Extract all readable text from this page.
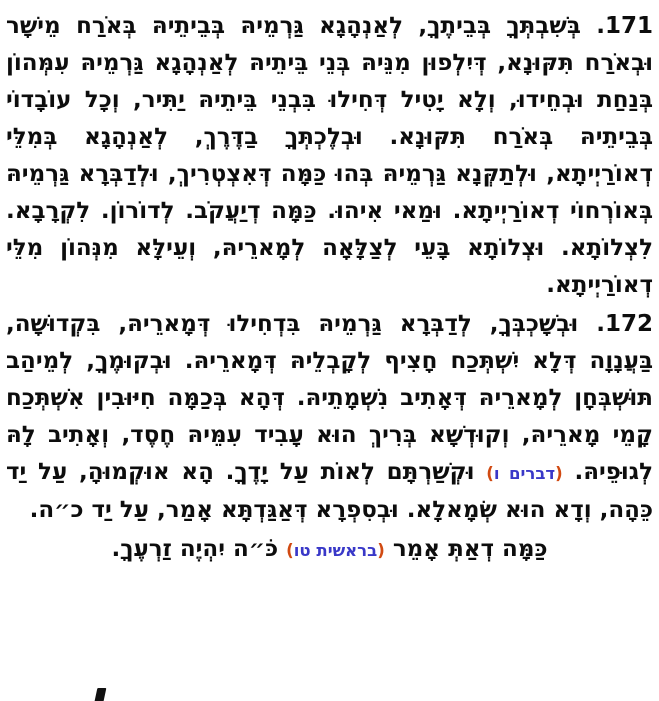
171. בְּשִׁבְתְּךָ בְּבֵיתֶךָ, לְאַנְהָגָא גַּרְמֵיהּ בְּבֵיתֵיהּ בְּאֹרַח מֵישָׁר וּבְאֹרַח תִּקּוּנָא, דְּיִלְפוּן מִנֵּיהּ בְּנֵי בֵּיתֵיהּ לְאַנְהָגָא גַּרְמֵיהּ עִמְּהוֹן בְּנַחַת וּבְחֵידוּ, וְלָא יָטִיל דְּחִילוּ בִּבְנֵי בֵּיתֵיהּ יַתִּיר, וְכָל עוֹבָדוֹי בְּבֵיתֵיהּ בְּאֹרַח תִּקּוּנָא. וּבְלֶכְתְּךָ בַדֶּרֶךְ, לְאַנְהָגָא בְּמִלֵּי דְאוֹרַיְיתָא, וּלְתַקְּנָא גַּרְמֵיהּ בְּהוּ כַּמָּה דְּאִצְטְרִיךְ, וּלְדַבְּרָא גַּרְמֵיהּ בְּאוֹרְחוֹי דְאוֹרַיְיתָא. וּמַאי אִיהוּ. כַּמָּה דְיַעֲקֹב. לְדוֹרוֹן. לִקְרָבָא. לִצְלוֹתָא. וּצְלוֹתָא בָּעֵי לְצַלָּאָה לְמָארֵיהּ, וְעֵילָּא מִנְּהוֹן מִלֵּי דְאוֹרַיְיתָא.
172. וּבְשָׁכְבְּךָ, לְדַבְּרָא גַּרְמֵיהּ בִּדְחִילוּ דְּמָארֵיהּ, בִּקְדוּשָׁה, בַּעֲנָוָה דְּלָא יִשְׁתְּכַח חָצִיף לְקָבְלֵיהּ דְּמָארֵיהּ. וּבְקוּמֶךָ, לְמֵיהַב תּוּשְׁבְּחָן לְמָארֵיהּ דְּאָתִיב נִשְׁמָתֵיהּ. דְּהָא בְּכַמָּה חִיּוּבִין אִשְׁתְּכַח קָמֵי מָארֵיהּ, וְקוּדְשָׁא בְּרִיךְ הוּא עָבִיד עִמֵּיהּ חֶסֶד, וְאָתִיב לָהּ לְגוּפֵיהּ. (דברים ו) וּקְשַׁרְתָּם לְאוֹת עַל יָדֶךָ. הָא אוּקְמוּהָ, עַל יַד כֵּהָה, וְדָא הוּא שְׂמָאלָא. וּבְסִפְרָא דְּאַגַּדְתָּא אָמַר, עַל יַד כ״ה.
כַּמָּה דְאַתְּ אָמֵר (בראשית טו) כֹּ״ה יִהְיֶה זַרְעֶךָ.
